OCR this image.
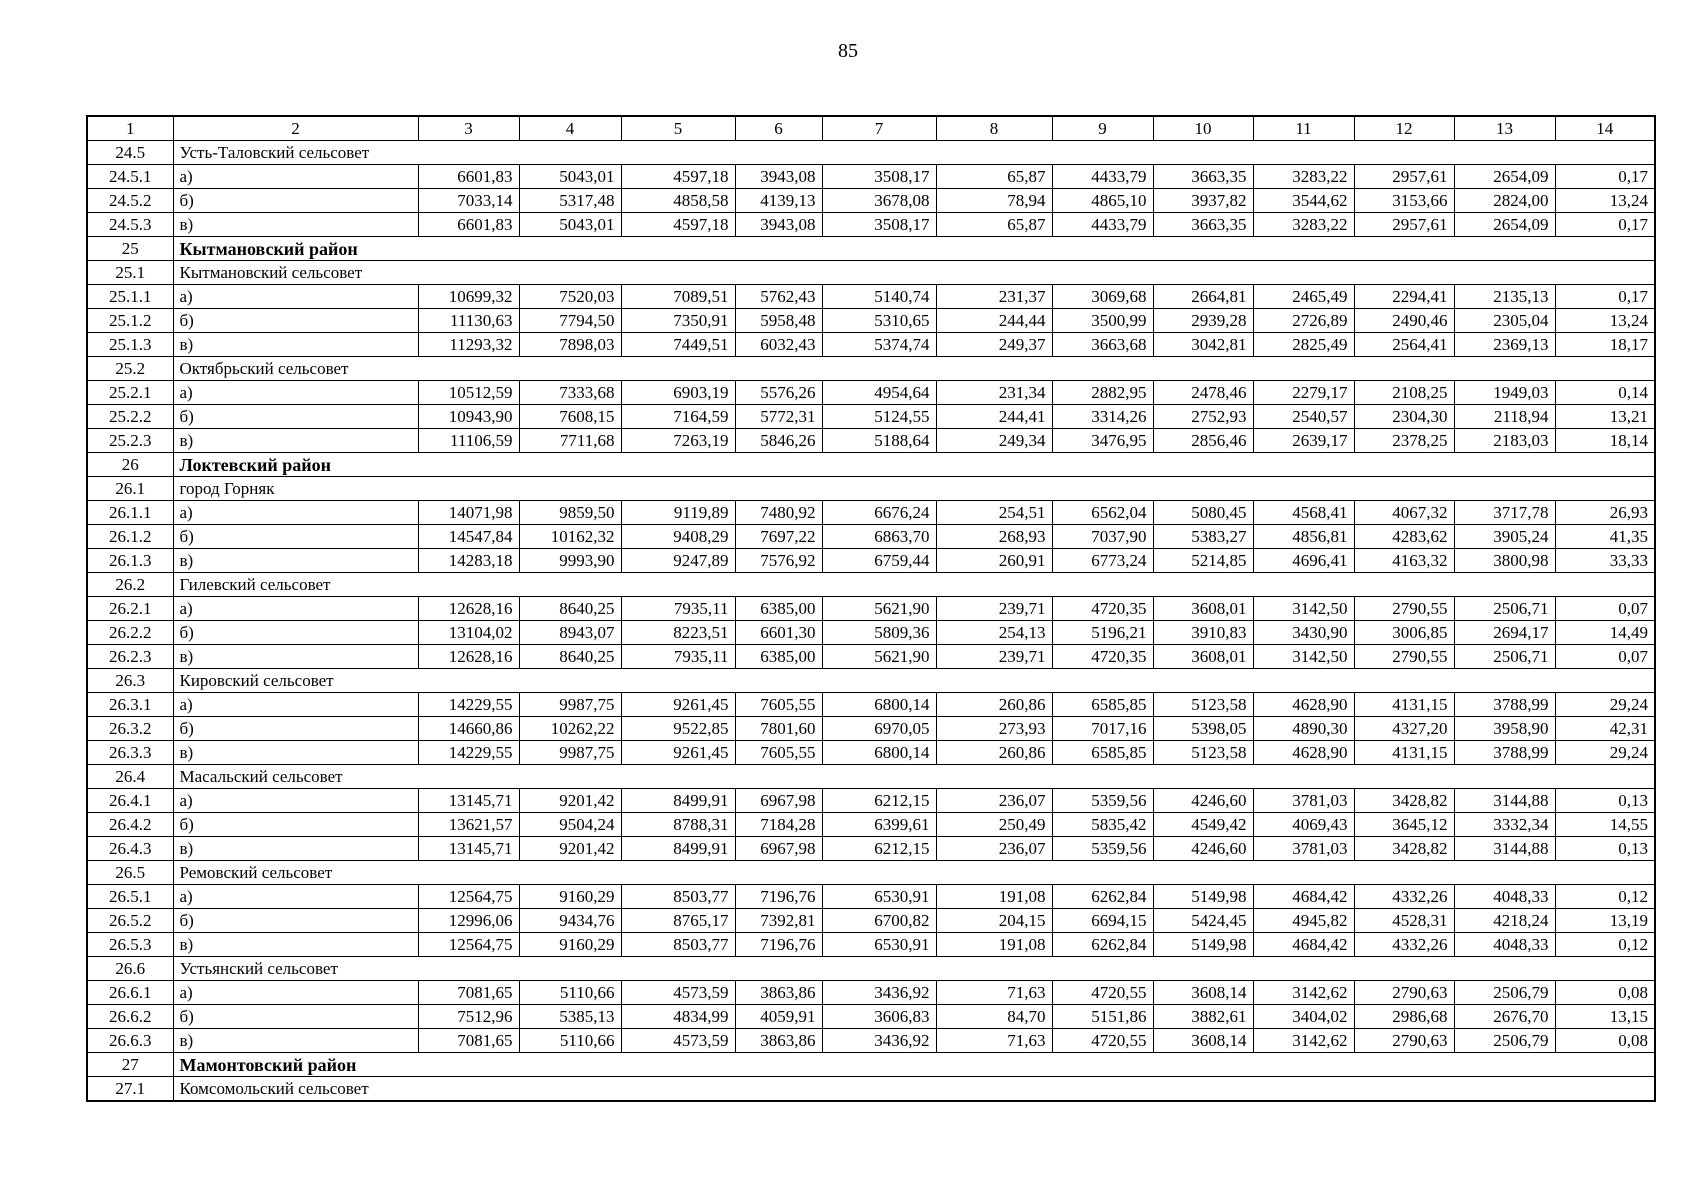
85
1	2	3	4	5	6	7	8	9	10	11	12	13	14
24.5	Усть-Таловский сельсовет												
24.5.1	а)	6601,83	5043,01	4597,18	3943,08	3508,17	65,87	4433,79	3663,35	3283,22	2957,61	2654,09	0,17
24.5.2	б)	7033,14	5317,48	4858,58	4139,13	3678,08	78,94	4865,10	3937,82	3544,62	3153,66	2824,00	13,24
24.5.3	в)	6601,83	5043,01	4597,18	3943,08	3508,17	65,87	4433,79	3663,35	3283,22	2957,61	2654,09	0,17
25	Кытмановский район												
25.1	Кытмановский сельсовет												
25.1.1	а)	10699,32	7520,03	7089,51	5762,43	5140,74	231,37	3069,68	2664,81	2465,49	2294,41	2135,13	0,17
25.1.2	б)	11130,63	7794,50	7350,91	5958,48	5310,65	244,44	3500,99	2939,28	2726,89	2490,46	2305,04	13,24
25.1.3	в)	11293,32	7898,03	7449,51	6032,43	5374,74	249,37	3663,68	3042,81	2825,49	2564,41	2369,13	18,17
25.2	Октябрьский сельсовет												
25.2.1	а)	10512,59	7333,68	6903,19	5576,26	4954,64	231,34	2882,95	2478,46	2279,17	2108,25	1949,03	0,14
25.2.2	б)	10943,90	7608,15	7164,59	5772,31	5124,55	244,41	3314,26	2752,93	2540,57	2304,30	2118,94	13,21
25.2.3	в)	11106,59	7711,68	7263,19	5846,26	5188,64	249,34	3476,95	2856,46	2639,17	2378,25	2183,03	18,14
26	Локтевский район												
26.1	город Горняк												
26.1.1	а)	14071,98	9859,50	9119,89	7480,92	6676,24	254,51	6562,04	5080,45	4568,41	4067,32	3717,78	26,93
26.1.2	б)	14547,84	10162,32	9408,29	7697,22	6863,70	268,93	7037,90	5383,27	4856,81	4283,62	3905,24	41,35
26.1.3	в)	14283,18	9993,90	9247,89	7576,92	6759,44	260,91	6773,24	5214,85	4696,41	4163,32	3800,98	33,33
26.2	Гилевский сельсовет												
26.2.1	а)	12628,16	8640,25	7935,11	6385,00	5621,90	239,71	4720,35	3608,01	3142,50	2790,55	2506,71	0,07
26.2.2	б)	13104,02	8943,07	8223,51	6601,30	5809,36	254,13	5196,21	3910,83	3430,90	3006,85	2694,17	14,49
26.2.3	в)	12628,16	8640,25	7935,11	6385,00	5621,90	239,71	4720,35	3608,01	3142,50	2790,55	2506,71	0,07
26.3	Кировский сельсовет												
26.3.1	а)	14229,55	9987,75	9261,45	7605,55	6800,14	260,86	6585,85	5123,58	4628,90	4131,15	3788,99	29,24
26.3.2	б)	14660,86	10262,22	9522,85	7801,60	6970,05	273,93	7017,16	5398,05	4890,30	4327,20	3958,90	42,31
26.3.3	в)	14229,55	9987,75	9261,45	7605,55	6800,14	260,86	6585,85	5123,58	4628,90	4131,15	3788,99	29,24
26.4	Масальский сельсовет												
26.4.1	а)	13145,71	9201,42	8499,91	6967,98	6212,15	236,07	5359,56	4246,60	3781,03	3428,82	3144,88	0,13
26.4.2	б)	13621,57	9504,24	8788,31	7184,28	6399,61	250,49	5835,42	4549,42	4069,43	3645,12	3332,34	14,55
26.4.3	в)	13145,71	9201,42	8499,91	6967,98	6212,15	236,07	5359,56	4246,60	3781,03	3428,82	3144,88	0,13
26.5	Ремовский сельсовет												
26.5.1	а)	12564,75	9160,29	8503,77	7196,76	6530,91	191,08	6262,84	5149,98	4684,42	4332,26	4048,33	0,12
26.5.2	б)	12996,06	9434,76	8765,17	7392,81	6700,82	204,15	6694,15	5424,45	4945,82	4528,31	4218,24	13,19
26.5.3	в)	12564,75	9160,29	8503,77	7196,76	6530,91	191,08	6262,84	5149,98	4684,42	4332,26	4048,33	0,12
26.6	Устьянский сельсовет												
26.6.1	а)	7081,65	5110,66	4573,59	3863,86	3436,92	71,63	4720,55	3608,14	3142,62	2790,63	2506,79	0,08
26.6.2	б)	7512,96	5385,13	4834,99	4059,91	3606,83	84,70	5151,86	3882,61	3404,02	2986,68	2676,70	13,15
26.6.3	в)	7081,65	5110,66	4573,59	3863,86	3436,92	71,63	4720,55	3608,14	3142,62	2790,63	2506,79	0,08
27	Мамонтовский район												
27.1	Комсомольский сельсовет												
